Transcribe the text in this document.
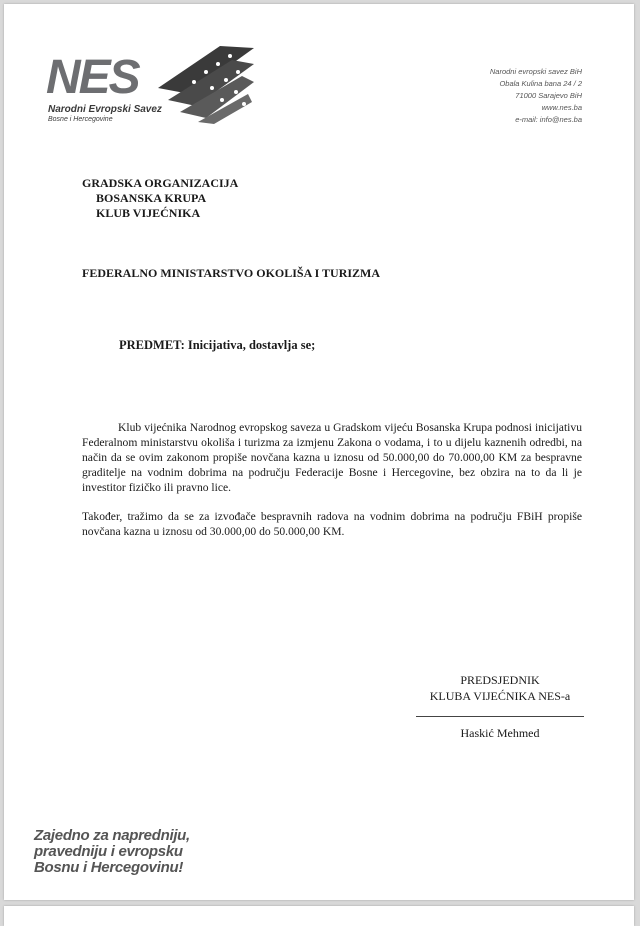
NES
Narodni Evropski Savez
Bosne i Hercegovine
Narodni evropski savez BiH
Obala Kulina bana 24 / 2
71000 Sarajevo BiH
www.nes.ba
e-mail: info@nes.ba
GRADSKA ORGANIZACIJA
BOSANSKA KRUPA
KLUB VIJEĆNIKA
FEDERALNO MINISTARSTVO OKOLIŠA I TURIZMA
PREDMET: Inicijativa, dostavlja se;

Klub vijećnika Narodnog evropskog saveza u Gradskom vijeću Bosanska Krupa podnosi inicijativu Federalnom ministarstvu okoliša i turizma za izmjenu Zakona o vodama, i to u dijelu kaznenih odredbi, na način da se ovim zakonom propiše novčana kazna u iznosu od 50.000,00 do 70.000,00 KM za bespravne graditelje na vodnim dobrima na području Federacije Bosne i Hercegovine, bez obzira na to da li je investitor fizičko ili pravno lice.

Također, tražimo da se za izvođače bespravnih radova na vodnim dobrima na području FBiH propiše novčana kazna u iznosu od 30.000,00 do 50.000,00 KM.

PREDSJEDNIK
KLUBA VIJEĆNIKA NES-a
Haskić Mehmed
Zajedno za napredniju,
pravedniju i evropsku
Bosnu i Hercegovinu!
